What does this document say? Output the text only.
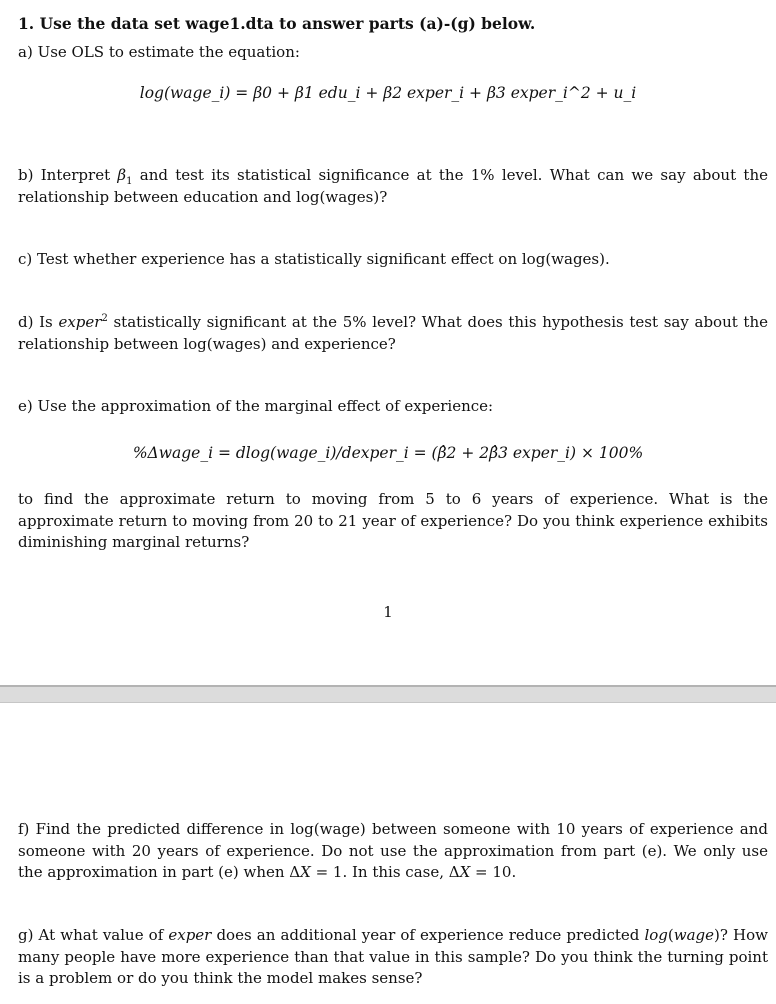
1. Use the data set wage1.dta to answer parts (a)-(g) below.
a) Use OLS to estimate the equation:
log(wage_i) = β0 + β1 edu_i + β2 exper_i + β3 exper_i^2 + u_i
b) Interpret $\beta_1$ and test its statistical significance at the 1% level. What can we say about the relationship between education and log(wages)?
c) Test whether experience has a statistically significant effect on log(wages).
d) Is exper$^2$ statistically significant at the 5% level? What does this hypothesis test say about the relationship between log(wages) and experience?
e) Use the approximation of the marginal effect of experience:
%Δwage_i = dlog(wage_i)/dexper_i = (β̂2 + 2β̂3 exper_i) × 100%
to find the approximate return to moving from 5 to 6 years of experience. What is the approximate return to moving from 20 to 21 year of experience? Do you think experience exhibits diminishing marginal returns?
1
f) Find the predicted difference in log(wage) between someone with 10 years of experience and someone with 20 years of experience. Do not use the approximation from part (e). We only use the approximation in part (e) when ΔX = 1. In this case, ΔX = 10.
g) At what value of exper does an additional year of experience reduce predicted log(wage)? How many people have more experience than that value in this sample? Do you think the turning point is a problem or do you think the model makes sense?
